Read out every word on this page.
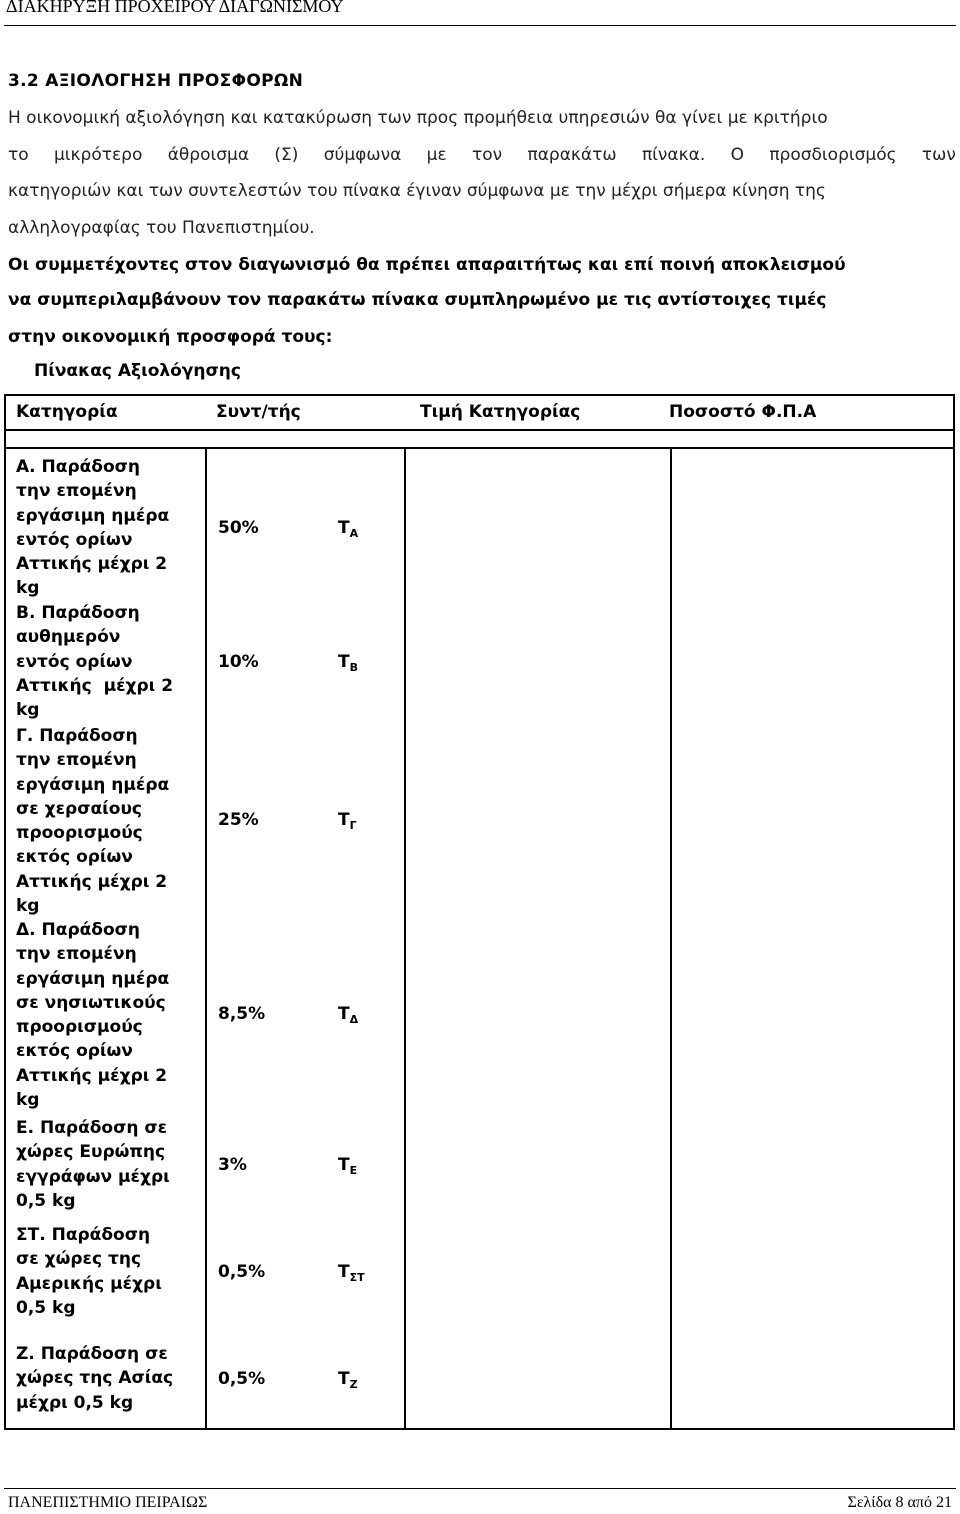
ΔΙΑΚΗΡΥΞΗ ΠΡΟΧΕΙΡΟΥ ΔΙΑΓΩΝΙΣΜΟΥ
3.2 ΑΞΙΟΛΟΓΗΣΗ ΠΡΟΣΦΟΡΩΝ
Η οικονομική αξιολόγηση και κατακύρωση των προς προμήθεια υπηρεσιών θα γίνει με κριτήριο
το μικρότερο άθροισμα (Σ) σύμφωνα με τον παρακάτω πίνακα. Ο προσδιορισμός των
κατηγοριών και των συντελεστών του πίνακα έγιναν σύμφωνα με την μέχρι σήμερα κίνηση της
αλληλογραφίας του Πανεπιστημίου.
Οι συμμετέχοντες στον διαγωνισμό θα πρέπει απαραιτήτως και επί ποινή αποκλεισμού
να συμπεριλαμβάνουν τον παρακάτω πίνακα συμπληρωμένο με τις αντίστοιχες τιμές
στην οικονομική προσφορά τους:
Πίνακας Αξιολόγησης
Κατηγορία	Συντ/τής	Τιμή Κατηγορίας	Ποσοστό Φ.Π.Α
Α. Παράδοση
την επομένη
εργάσιμη ημέρα
εντός ορίων
Αττικής μέχρι 2
kg
50%	$T_A$
Β. Παράδοση
αυθημερόν
εντός ορίων
Αττικής  μέχρι 2
kg
10%	$T_B$
Γ. Παράδοση
την επομένη
εργάσιμη ημέρα
σε χερσαίους
προορισμούς
εκτός ορίων
Αττικής μέχρι 2
kg
25%	$T_\Gamma$
Δ. Παράδοση
την επομένη
εργάσιμη ημέρα
σε νησιωτικούς
προορισμούς
εκτός ορίων
Αττικής μέχρι 2
kg
8,5%	$T_\Delta$
Ε. Παράδοση σε
χώρες Ευρώπης
εγγράφων μέχρι
0,5 kg
3%	$T_E$
ΣΤ. Παράδοση
σε χώρες της
Αμερικής μέχρι
0,5 kg
0,5%	$T_{\Sigma T}$
Ζ. Παράδοση σε
χώρες της Ασίας
μέχρι 0,5 kg
0,5%	$T_Z$
ΠΑΝΕΠΙΣΤΗΜΙΟ ΠΕΙΡΑΙΩΣ	Σελίδα 8 από 21
